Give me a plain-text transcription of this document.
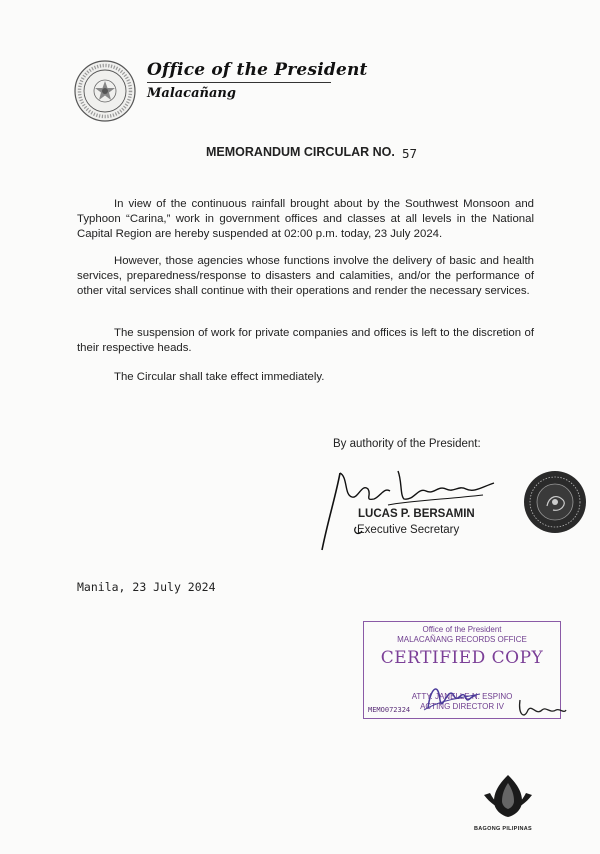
Office of the President
Malacañang
MEMORANDUM CIRCULAR NO. 57

In view of the continuous rainfall brought about by the Southwest Monsoon and Typhoon “Carina,” work in government offices and classes at all levels in the National Capital Region are hereby suspended at 02:00 p.m. today, 23 July 2024.

However, those agencies whose functions involve the delivery of basic and health services, preparedness/response to disasters and calamities, and/or the performance of other vital services shall continue with their operations and render the necessary services.

The suspension of work for private companies and offices is left to the discretion of their respective heads.

The Circular shall take effect immediately.

By authority of the President:
LUCAS P. BERSAMIN
Executive Secretary
Manila, 23 July 2024
Office of the President
MALACAÑANG RECORDS OFFICE
CERTIFIED COPY
ATTY. JANELLE N. ESPINO
ACTING DIRECTOR IV
MEMO072324
BAGONG PILIPINAS
